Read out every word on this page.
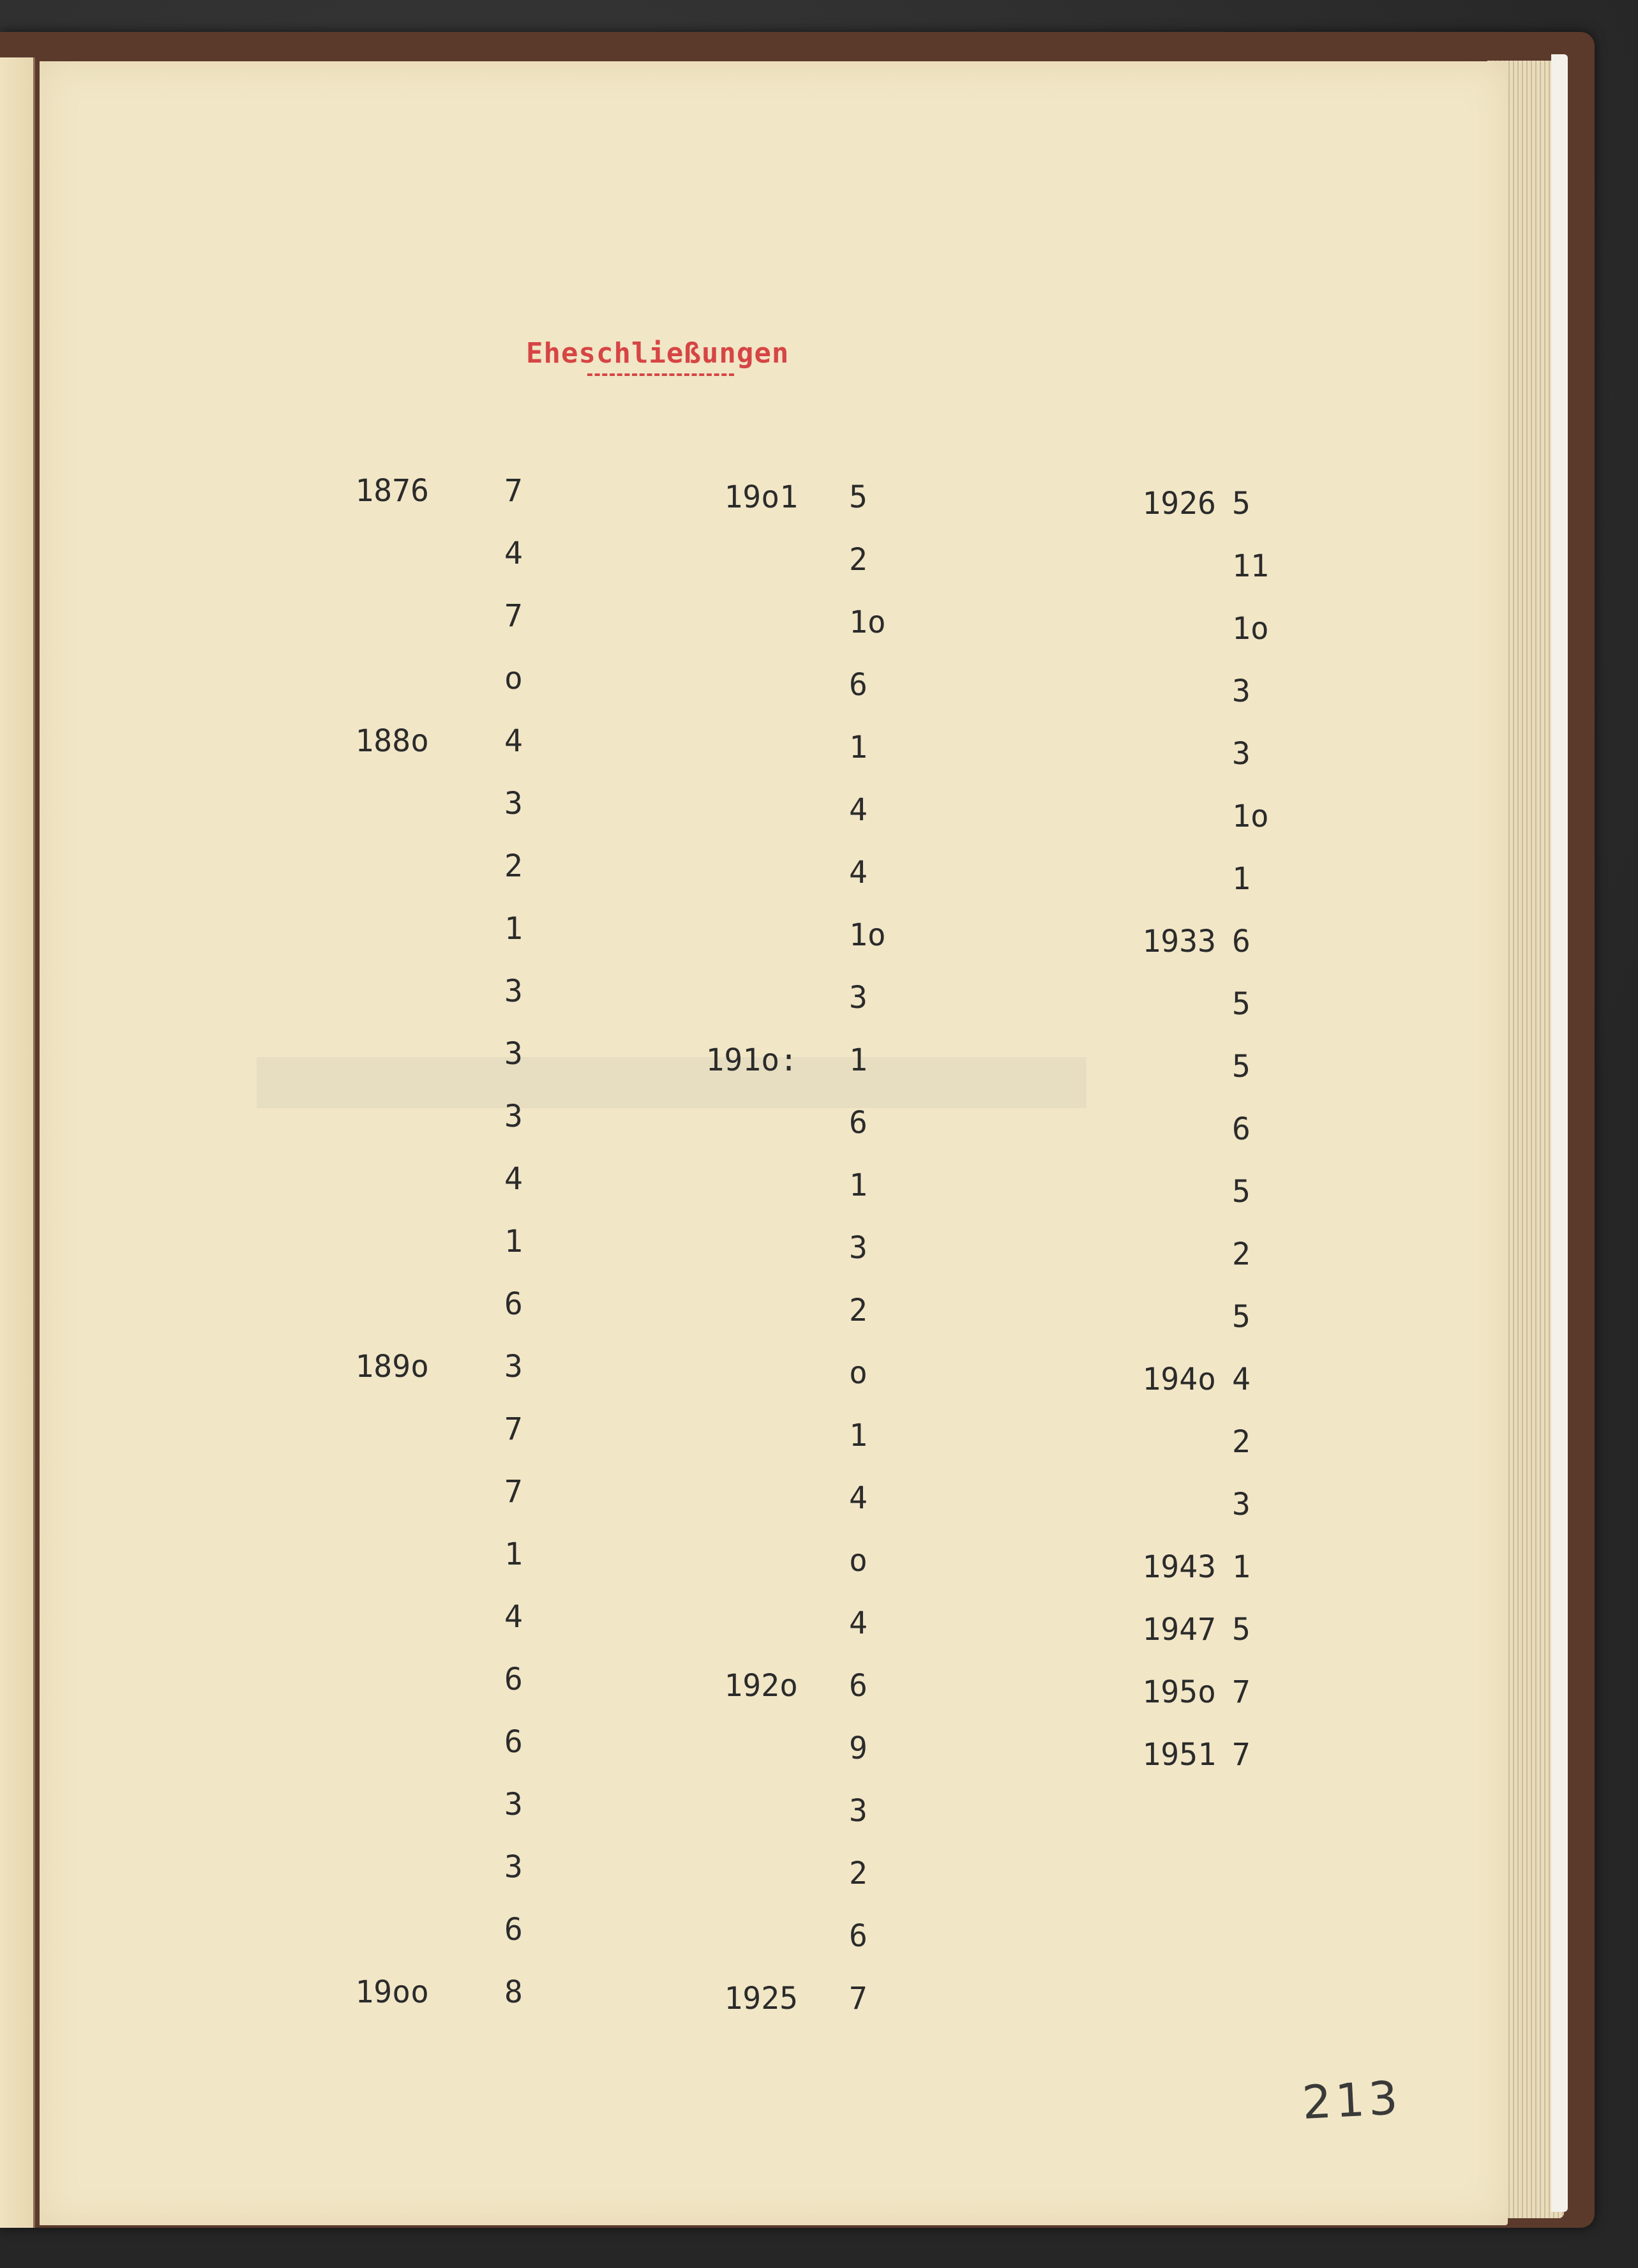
Eheschließungen
1876 7
4
7
o
188o 4
3
2
1
3
3
3
4
1
6
189o 3
7
7
1
4
6
6
3
3
6
19oo 8
19o1 5
2
1o
6
1
4
4
1o
3
191o: 1
6
1
3
2
o
1
4
o
4
192o 6
9
3
2
6
1925 7
1926 5
11
1o
3
3
1o
1
1933 6
5
5
6
5
2
5
194o 4
2
3
1943 1
1947 5
195o 7
1951 7
213
